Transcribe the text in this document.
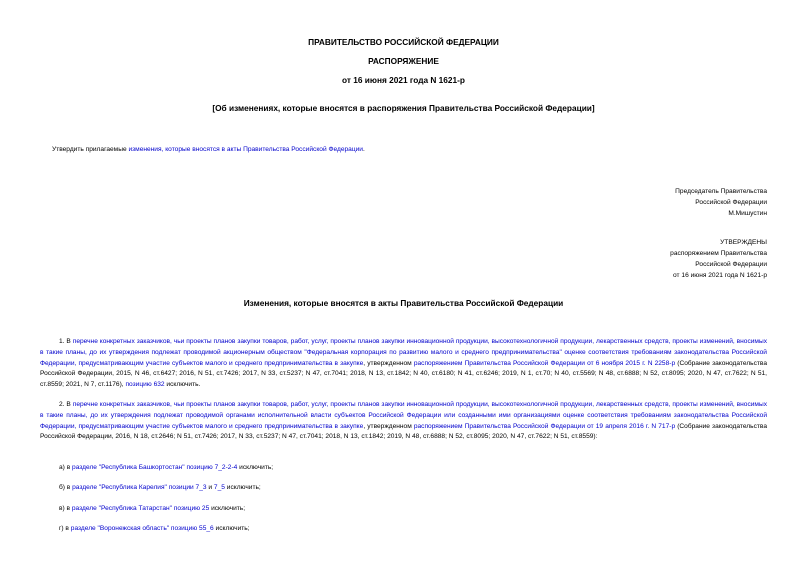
ПРАВИТЕЛЬСТВО РОССИЙСКОЙ ФЕДЕРАЦИИ
РАСПОРЯЖЕНИЕ
от 16 июня 2021 года N 1621-р
[Об изменениях, которые вносятся в распоряжения Правительства Российской Федерации]
Утвердить прилагаемые изменения, которые вносятся в акты Правительства Российской Федерации.
Председатель Правительства
Российской Федерации
М.Мишустин
УТВЕРЖДЕНЫ
распоряжением Правительства
Российской Федерации
от 16 июня 2021 года N 1621-р
Изменения, которые вносятся в акты Правительства Российской Федерации
1. В перечне конкретных заказчиков, чьи проекты планов закупки товаров, работ, услуг, проекты планов закупки инновационной продукции, высокотехнологичной продукции, лекарственных средств, проекты изменений, вносимых в такие планы, до их утверждения подлежат проводимой акционерным обществом "Федеральная корпорация по развитию малого и среднего предпринимательства" оценке соответствия требованиям законодательства Российской Федерации, предусматривающим участие субъектов малого и среднего предпринимательства в закупке, утвержденном распоряжением Правительства Российской Федерации от 6 ноября 2015 г. N 2258-р (Собрание законодательства Российской Федерации, 2015, N 46, ст.6427; 2016, N 51, ст.7426; 2017, N 33, ст.5237; N 47, ст.7041; 2018, N 13, ст.1842; N 40, ст.6180; N 41, ст.6246; 2019, N 1, ст.70; N 40, ст.5569; N 48, ст.6888; N 52, ст.8095; 2020, N 47, ст.7622; N 51, ст.8559; 2021, N 7, ст.1176), позицию 632 исключить.
2. В перечне конкретных заказчиков, чьи проекты планов закупки товаров, работ, услуг, проекты планов закупки инновационной продукции, высокотехнологичной продукции, лекарственных средств, проекты изменений, вносимых в такие планы, до их утверждения подлежат проводимой органами исполнительной власти субъектов Российской Федерации или созданными ими организациями оценке соответствия требованиям законодательства Российской Федерации, предусматривающим участие субъектов малого и среднего предпринимательства в закупке, утвержденном распоряжением Правительства Российской Федерации от 19 апреля 2016 г. N 717-р (Собрание законодательства Российской Федерации, 2016, N 18, ст.2646; N 51, ст.7426; 2017, N 33, ст.5237; N 47, ст.7041; 2018, N 13, ст.1842; 2019, N 48, ст.6888; N 52, ст.8095; 2020, N 47, ст.7622; N 51, ст.8559):
а) в разделе "Республика Башкортостан" позицию 7_2-2-4 исключить;
б) в разделе "Республика Карелия" позиции 7_3 и 7_5 исключить;
в) в разделе "Республика Татарстан" позицию 25 исключить;
г) в разделе "Воронежская область" позицию 55_6 исключить;
